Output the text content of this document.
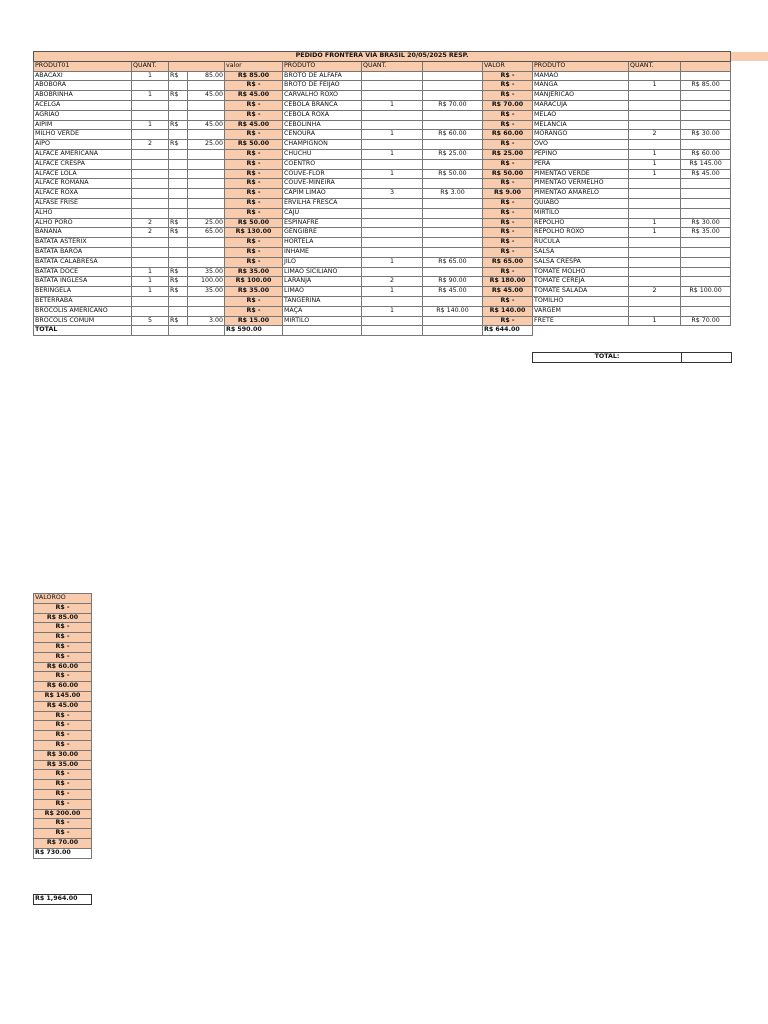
PEDIDO FRONTERA VIA BRASIL 20/05/2025 RESP.												
PRODUT01	QUANT.			valor	PRODUTO	QUANT.		VALOR	PRODUTO	QUANT.		
ABACAXI	1	R$	85.00	R$ 85.00	BROTO DE ALFAFA			R$ -	MAMÃO			
ABÓBORA				R$ -	BROTO DE FEIJÃO			R$ -	MANGA	1	R$ 85.00	
ABOBRINHA	1	R$	45.00	R$ 45.00	CARVALHO ROXO			R$ -	MANJERICÃO			
ACELGA				R$ -	CEBOLA BRANCA	1	R$ 70.00	R$ 70.00	MARACUJÁ			
AGRIÃO				R$ -	CEBOLA ROXA			R$ -	MELÃO			
AIPIM	1	R$	45.00	R$ 45.00	CEBOLINHA			R$ -	MELANCIA			
MILHO VERDE				R$ -	CENOURA	1	R$ 60.00	R$ 60.00	MORANGO	2	R$ 30.00	
AIPO	2	R$	25.00	R$ 50.00	CHAMPIGNON			R$ -	OVO			
ALFACE AMERICANA				R$ -	CHUCHU	1	R$ 25.00	R$ 25.00	PEPINO	1	R$ 60.00	
ALFACE CRESPA				R$ -	COENTRO			R$ -	PERA	1	R$ 145.00	
ALFACE LOLA				R$ -	COUVE-FLOR	1	R$ 50.00	R$ 50.00	PIMENTÃO VERDE	1	R$ 45.00	
ALFACE ROMANA				R$ -	COUVE-MINEIRA			R$ -	PIMENTÃO VERMELHO			
ALFACE ROXA				R$ -	CAPIM LIMÃO	3	R$ 3.00	R$ 9.00	PIMENTÃO AMARELO			
ALFASE FRISÉ				R$ -	ERVILHA FRESCA			R$ -	QUIABO			
ALHO				R$ -	CAJU			R$ -	MIRTILO			
ALHO PORÓ	2	R$	25.00	R$ 50.00	ESPINAFRE			R$ -	REPOLHO	1	R$ 30.00	
BANANA	2	R$	65.00	R$ 130.00	GENGIBRE			R$ -	REPOLHO ROXO	1	R$ 35.00	
BATATA ASTERIX				R$ -	HORTELÃ			R$ -	RÚCULA			
BATATA BAROA				R$ -	INHAME			R$ -	SALSA			
BATATA CALABRESA				R$ -	JILÓ	1	R$ 65.00	R$ 65.00	SALSA CRESPA			
BATATA DOCE	1	R$	35.00	R$ 35.00	LIMÃO SICILIANO			R$ -	TOMATE MOLHO			
BATATA INGLESA	1	R$	100.00	R$ 100.00	LARANJA	2	R$ 90.00	R$ 180.00	TOMATE CEREJA			
BERINGELA	1	R$	35.00	R$ 35.00	LIMÃO	1	R$ 45.00	R$ 45.00	TOMATE SALADA	2	R$ 100.00	
BETERRABA				R$ -	TANGERINA			R$ -	TOMILHO			
BRÓCOLIS AMERICANO				R$ -	MAÇÃ	1	R$ 140.00	R$ 140.00	VARGEM			
BRÓCOLIS COMUM	5	R$	3.00	R$ 15.00	MIRTILO			R$ -	FRETE	1	R$ 70.00	
TOTAL				R$ 590.00				R$ 644.00				
TOTAL:	
VALORÕO
R$ -
R$ 85.00
R$ -
R$ -
R$ -
R$ -
R$ 60.00
R$ -
R$ 60.00
R$ 145.00
R$ 45.00
R$ -
R$ -
R$ -
R$ -
R$ 30.00
R$ 35.00
R$ -
R$ -
R$ -
R$ -
R$ 200.00
R$ -
R$ -
R$ 70.00
R$ 730.00
R$ 1,964.00
